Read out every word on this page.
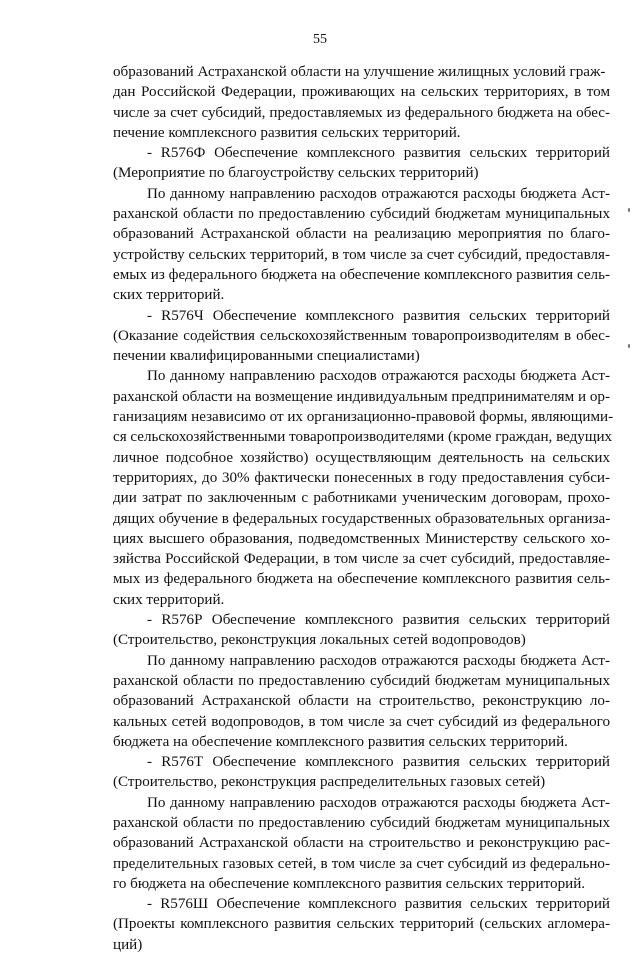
55
образований Астраханской области на улучшение жилищных условий граж-
дан Российской Федерации, проживающих на сельских территориях, в том
числе за счет субсидий, предоставляемых из федерального бюджета на обес-
печение комплексного развития сельских территорий.
- R576Ф Обеспечение комплексного развития сельских территорий
(Мероприятие по благоустройству сельских территорий)
По данному направлению расходов отражаются расходы бюджета Аст-
раханской области по предоставлению субсидий бюджетам муниципальных
образований Астраханской области на реализацию мероприятия по благо-
устройству сельских территорий, в том числе за счет субсидий, предоставля-
емых из федерального бюджета на обеспечение комплексного развития сель-
ских территорий.
- R576Ч Обеспечение комплексного развития сельских территорий
(Оказание содействия сельскохозяйственным товаропроизводителям в обес-
печении квалифицированными специалистами)
По данному направлению расходов отражаются расходы бюджета Аст-
раханской области на возмещение индивидуальным предпринимателям и ор-
ганизациям независимо от их организационно-правовой формы, являющими-
ся сельскохозяйственными товаропроизводителями (кроме граждан, ведущих
личное подсобное хозяйство) осуществляющим деятельность на сельских
территориях, до 30% фактически понесенных в году предоставления субси-
дии затрат по заключенным с работниками ученическим договорам, прохо-
дящих обучение в федеральных государственных образовательных организа-
циях высшего образования, подведомственных Министерству сельского хо-
зяйства Российской Федерации, в том числе за счет субсидий, предоставляе-
мых из федерального бюджета на обеспечение комплексного развития сель-
ских территорий.
- R576Р Обеспечение комплексного развития сельских территорий
(Строительство, реконструкция локальных сетей водопроводов)
По данному направлению расходов отражаются расходы бюджета Аст-
раханской области по предоставлению субсидий бюджетам муниципальных
образований Астраханской области на строительство, реконструкцию ло-
кальных сетей водопроводов, в том числе за счет субсидий из федерального
бюджета на обеспечение комплексного развития сельских территорий.
- R576Т Обеспечение комплексного развития сельских территорий
(Строительство, реконструкция распределительных газовых сетей)
По данному направлению расходов отражаются расходы бюджета Аст-
раханской области по предоставлению субсидий бюджетам муниципальных
образований Астраханской области на строительство и реконструкцию рас-
пределительных газовых сетей, в том числе за счет субсидий из федерально-
го бюджета на обеспечение комплексного развития сельских территорий.
- R576Ш Обеспечение комплексного развития сельских территорий
(Проекты комплексного развития сельских территорий (сельских агломера-
ций)
